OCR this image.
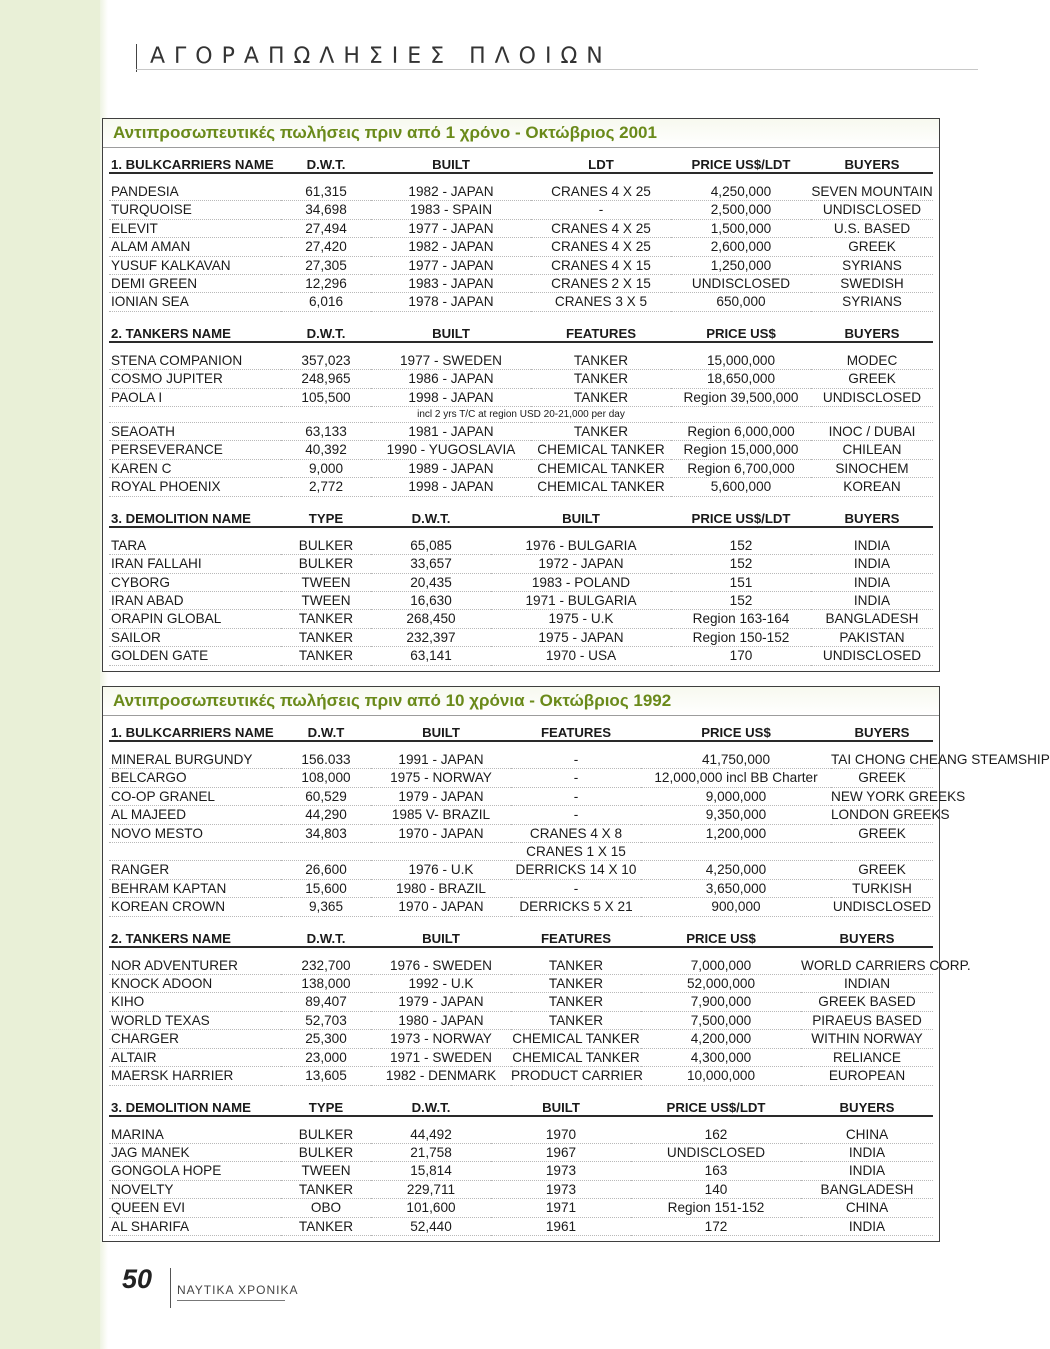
ΑΓΟΡΑΠΩΛΗΣΙΕΣ ΠΛΟΙΩΝ
Αντιπροσωπευτικές πωλήσεις πριν από 1 χρόνο - Οκτώβριος 2001
1. BULKCARRIERS NAME	D.W.T.	BUILT	LDT	PRICE US$/LDT	BUYERS

PANDESIA	61,315	1982 - JAPAN	CRANES 4 X 25	4,250,000	SEVEN MOUNTAIN
TURQUOISE	34,698	1983 - SPAIN	-	2,500,000	UNDISCLOSED
ELEVIT	27,494	1977 - JAPAN	CRANES 4 X 25	1,500,000	U.S. BASED
ALAM AMAN	27,420	1982 - JAPAN	CRANES 4 X 25	2,600,000	GREEK
YUSUF KALKAVAN	27,305	1977 - JAPAN	CRANES 4 X 15	1,250,000	SYRIANS
DEMI GREEN	12,296	1983 - JAPAN	CRANES 2 X 15	UNDISCLOSED	SWEDISH
IONIAN SEA	6,016	1978 - JAPAN	CRANES 3 X 5	650,000	SYRIANS
2. TANKERS NAME	D.W.T.	BUILT	FEATURES	PRICE US$	BUYERS

STENA COMPANION	357,023	1977 - SWEDEN	TANKER	15,000,000	MODEC
COSMO JUPITER	248,965	1986 - JAPAN	TANKER	18,650,000	GREEK
PAOLA I	105,500	1998 - JAPAN	TANKER	Region 39,500,000	UNDISCLOSED
incl 2 yrs T/C at region USD 20-21,000 per day					
SEAOATH	63,133	1981 - JAPAN	TANKER	Region 6,000,000	INOC / DUBAI
PERSEVERANCE	40,392	1990 - YUGOSLAVIA	CHEMICAL TANKER	Region 15,000,000	CHILEAN
KAREN C	9,000	1989 - JAPAN	CHEMICAL TANKER	Region 6,700,000	SINOCHEM
ROYAL PHOENIX	2,772	1998 - JAPAN	CHEMICAL TANKER	5,600,000	KOREAN
3. DEMOLITION NAME	TYPE	D.W.T.	BUILT	PRICE US$/LDT	BUYERS

TARA	BULKER	65,085	1976 - BULGARIA	152	INDIA
IRAN FALLAHI	BULKER	33,657	1972 - JAPAN	152	INDIA
CYBORG	TWEEN	20,435	1983 - POLAND	151	INDIA
IRAN ABAD	TWEEN	16,630	1971 - BULGARIA	152	INDIA
ORAPIN GLOBAL	TANKER	268,450	1975 - U.K	Region 163-164	BANGLADESH
SAILOR	TANKER	232,397	1975 - JAPAN	Region 150-152	PAKISTAN
GOLDEN GATE	TANKER	63,141	1970 - USA	170	UNDISCLOSED
Αντιπροσωπευτικές πωλήσεις πριν από 10 χρόνια - Οκτώβριος 1992
1. BULKCARRIERS NAME	D.W.T	BUILT	FEATURES	PRICE US$	BUYERS

MINERAL BURGUNDY	156.033	1991 - JAPAN	-	41,750,000	TAI CHONG CHEANG STEAMSHIP
BELCARGO	108,000	1975 - NORWAY	-	12,000,000 incl BB Charter	GREEK
CO-OP GRANEL	60,529	1979 - JAPAN	-	9,000,000	NEW YORK GREEKS
AL MAJEED	44,290	1985 V- BRAZIL	-	9,350,000	LONDON GREEKS
NOVO MESTO	34,803	1970 - JAPAN	CRANES 4 X 8	1,200,000	GREEK
			CRANES 1 X 15		
RANGER	26,600	1976 - U.K	DERRICKS 14 X 10	4,250,000	GREEK
BEHRAM KAPTAN	15,600	1980 - BRAZIL	-	3,650,000	TURKISH
KOREAN CROWN	9,365	1970 - JAPAN	DERRICKS 5 X 21	900,000	UNDISCLOSED
2. TANKERS NAME	D.W.T.	BUILT	FEATURES	PRICE US$	BUYERS

NOR ADVENTURER	232,700	1976 - SWEDEN	TANKER	7,000,000	WORLD CARRIERS CORP.
KNOCK ADOON	138,000	1992 - U.K	TANKER	52,000,000	INDIAN
KIHO	89,407	1979 - JAPAN	TANKER	7,900,000	GREEK BASED
WORLD TEXAS	52,703	1980 - JAPAN	TANKER	7,500,000	PIRAEUS BASED
CHARGER	25,300	1973 - NORWAY	CHEMICAL TANKER	4,200,000	WITHIN NORWAY
ALTAIR	23,000	1971 - SWEDEN	CHEMICAL TANKER	4,300,000	RELIANCE
MAERSK HARRIER	13,605	1982 - DENMARK	PRODUCT CARRIER	10,000,000	EUROPEAN
3. DEMOLITION NAME	TYPE	D.W.T.	BUILT	PRICE US$/LDT	BUYERS

MARINA	BULKER	44,492	1970	162	CHINA
JAG MANEK	BULKER	21,758	1967	UNDISCLOSED	INDIA
GONGOLA HOPE	TWEEN	15,814	1973	163	INDIA
NOVELTY	TANKER	229,711	1973	140	BANGLADESH
QUEEN EVI	OBO	101,600	1971	Region 151-152	CHINA
AL SHARIFA	TANKER	52,440	1961	172	INDIA
50 ΝΑΥΤΙΚΑ ΧΡΟΝΙΚΑ
